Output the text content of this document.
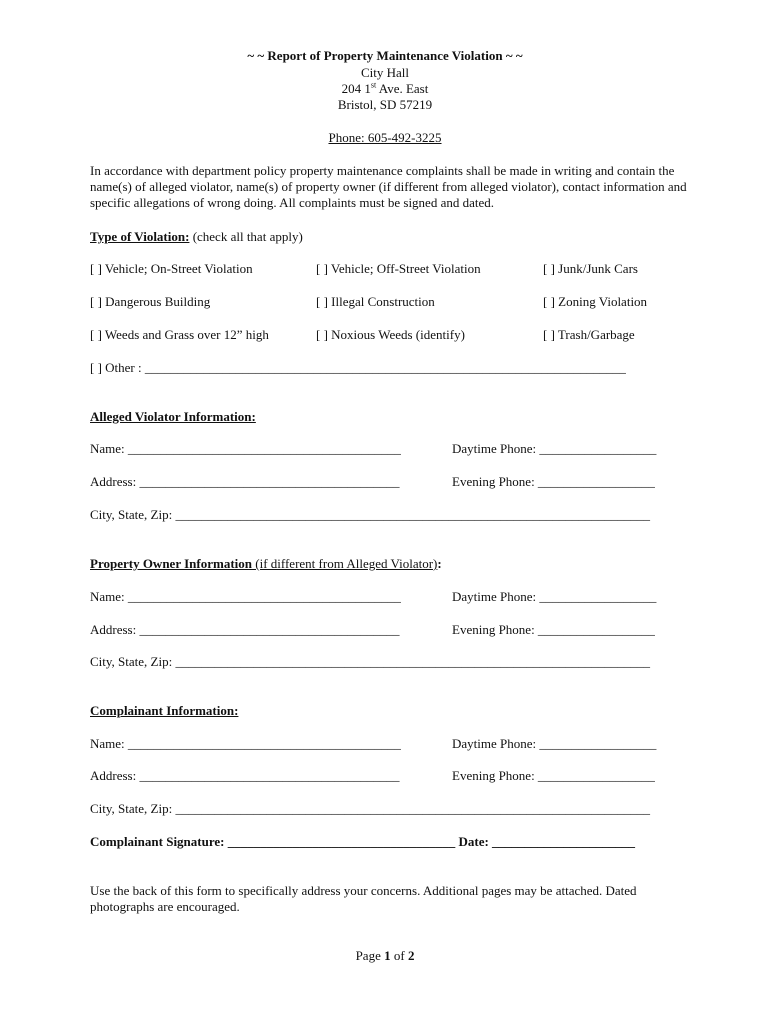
~ ~ Report of Property Maintenance Violation ~ ~
City Hall
204 1st Ave. East
Bristol, SD 57219
Phone: 605-492-3225
In accordance with department policy property maintenance complaints shall be made in writing and contain the name(s) of alleged violator, name(s) of property owner (if different from alleged violator), contact information and specific allegations of wrong doing. All complaints must be signed and dated.
Type of Violation: (check all that apply)
[ ] Vehicle; On-Street Violation	[ ] Vehicle; Off-Street Violation	[ ] Junk/Junk Cars
[ ] Dangerous Building	[ ] Illegal Construction	[ ] Zoning Violation
[ ] Weeds and Grass over 12” high	[ ] Noxious Weeds (identify)	[ ] Trash/Garbage
[ ] Other : __________________________________________________________________________
Alleged Violator Information:
Name: __________________________________________	Daytime Phone: __________________
Address: ________________________________________	Evening Phone: __________________
City, State, Zip: _________________________________________________________________________
Property Owner Information (if different from Alleged Violator):
Name: __________________________________________	Daytime Phone: __________________
Address: ________________________________________	Evening Phone: __________________
City, State, Zip: _________________________________________________________________________
Complainant Information:
Name: __________________________________________	Daytime Phone: __________________
Address: ________________________________________	Evening Phone: __________________
City, State, Zip: _________________________________________________________________________
Complainant Signature: ___________________________________ Date: ______________________
Use the back of this form to specifically address your concerns. Additional pages may be attached. Dated photographs are encouraged.
Page 1 of 2
